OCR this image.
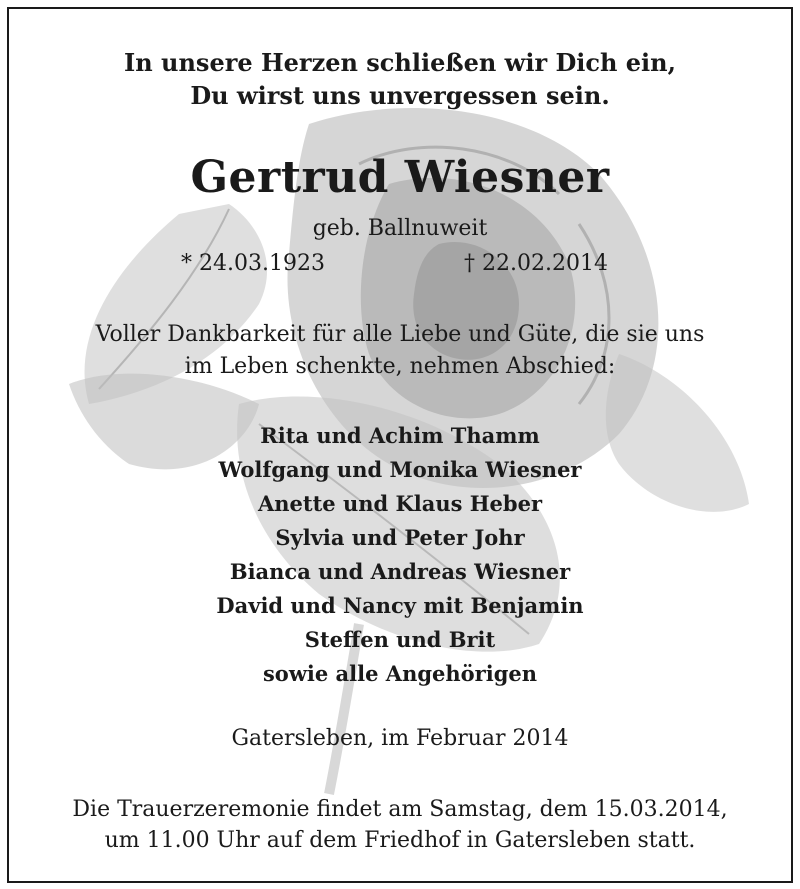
In unsere Herzen schließen wir Dich ein,
Du wirst uns unvergessen sein.
Gertrud Wiesner
geb. Ballnuweit
* 24.03.1923	† 22.02.2014
Voller Dankbarkeit für alle Liebe und Güte, die sie uns
im Leben schenkte, nehmen Abschied:
Rita und Achim Thamm
Wolfgang und Monika Wiesner
Anette und Klaus Heber
Sylvia und Peter Johr
Bianca und Andreas Wiesner
David und Nancy mit Benjamin
Steffen und Brit
sowie alle Angehörigen
Gatersleben, im Februar 2014
Die Trauerzeremonie findet am Samstag, dem 15.03.2014,
um 11.00 Uhr auf dem Friedhof in Gatersleben statt.
